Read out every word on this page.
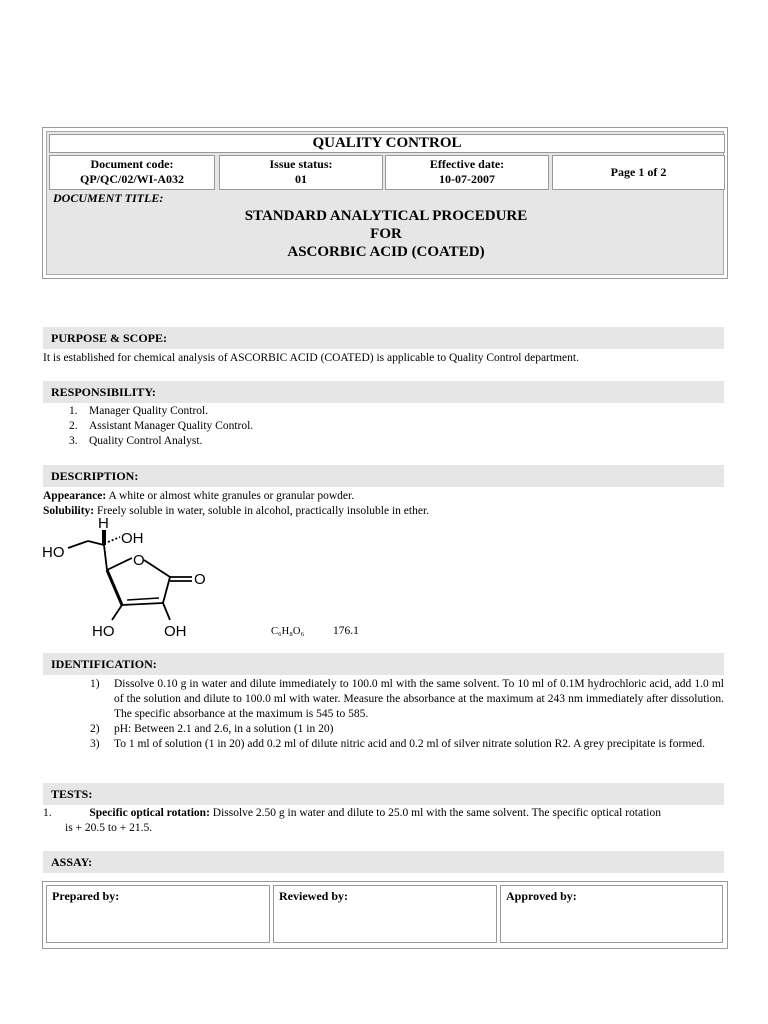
QUALITY CONTROL
Document code:
QP/QC/02/WI-A032
Issue status:
01
Effective date:
10-07-2007	Page 1 of 2
DOCUMENT TITLE:
STANDARD ANALYTICAL PROCEDURE
FOR
ASCORBIC ACID (COATED)
PURPOSE & SCOPE:
It is established for chemical analysis of ASCORBIC ACID (COATED) is applicable to Quality Control department.
RESPONSIBILITY:
1. Manager Quality Control.
2. Assistant Manager Quality Control.
3. Quality Control Analyst.
DESCRIPTION:
Appearance: A white or almost white granules or granular powder.
Solubility: Freely soluble in water, soluble in alcohol, practically insoluble in ether.
H
OH
HO	O
O
HO	OH	C₆H₈O₆	176.1
IDENTIFICATION:
1) Dissolve 0.10 g in water and dilute immediately to 100.0 ml with the same solvent. To 10 ml of 0.1M hydrochloric acid, add 1.0 ml of the solution and dilute to 100.0 ml with water. Measure the absorbance at the maximum at 243 nm immediately after dissolution. The specific absorbance at the maximum is 545 to 585.
2) pH: Between 2.1 and 2.6, in a solution (1 in 20)
3) To 1 ml of solution (1 in 20) add 0.2 ml of dilute nitric acid and 0.2 ml of silver nitrate solution R2. A grey precipitate is formed.
TESTS:
1.	Specific optical rotation: Dissolve 2.50 g in water and dilute to 25.0 ml with the same solvent. The specific optical rotation
is + 20.5 to + 21.5.
ASSAY:
Prepared by:	Reviewed by:	Approved by:
